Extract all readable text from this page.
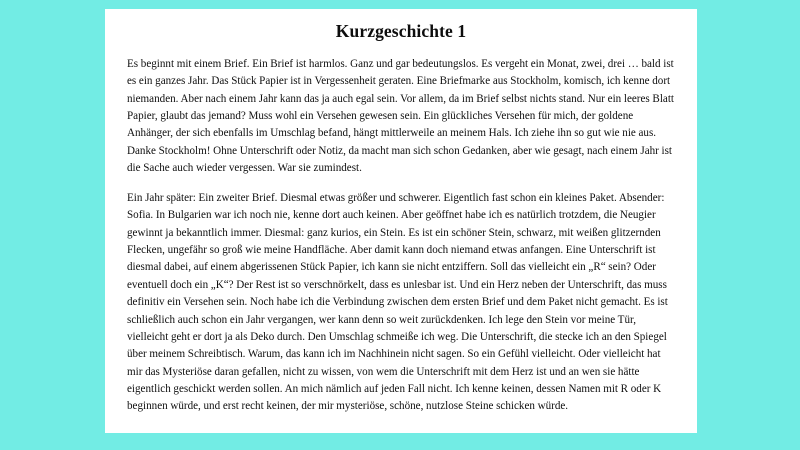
Kurzgeschichte 1

Es beginnt mit einem Brief. Ein Brief ist harmlos. Ganz und gar bedeutungslos. Es vergeht ein Monat, zwei, drei … bald ist es ein ganzes Jahr. Das Stück Papier ist in Vergessenheit geraten. Eine Briefmarke aus Stockholm, komisch, ich kenne dort niemanden. Aber nach einem Jahr kann das ja auch egal sein. Vor allem, da im Brief selbst nichts stand. Nur ein leeres Blatt Papier, glaubt das jemand? Muss wohl ein Versehen gewesen sein. Ein glückliches Versehen für mich, der goldene Anhänger, der sich ebenfalls im Umschlag befand, hängt mittlerweile an meinem Hals. Ich ziehe ihn so gut wie nie aus. Danke Stockholm! Ohne Unterschrift oder Notiz, da macht man sich schon Gedanken, aber wie gesagt, nach einem Jahr ist die Sache auch wieder vergessen. War sie zumindest.

Ein Jahr später: Ein zweiter Brief. Diesmal etwas größer und schwerer. Eigentlich fast schon ein kleines Paket. Absender: Sofia. In Bulgarien war ich noch nie, kenne dort auch keinen. Aber geöffnet habe ich es natürlich trotzdem, die Neugier gewinnt ja bekanntlich immer. Diesmal: ganz kurios, ein Stein. Es ist ein schöner Stein, schwarz, mit weißen glitzernden Flecken, ungefähr so groß wie meine Handfläche. Aber damit kann doch niemand etwas anfangen. Eine Unterschrift ist diesmal dabei, auf einem abgerissenen Stück Papier, ich kann sie nicht entziffern. Soll das vielleicht ein „R“ sein? Oder eventuell doch ein „K“? Der Rest ist so verschnörkelt, dass es unlesbar ist. Und ein Herz neben der Unterschrift, das muss definitiv ein Versehen sein. Noch habe ich die Verbindung zwischen dem ersten Brief und dem Paket nicht gemacht. Es ist schließlich auch schon ein Jahr vergangen, wer kann denn so weit zurückdenken. Ich lege den Stein vor meine Tür, vielleicht geht er dort ja als Deko durch. Den Umschlag schmeiße ich weg. Die Unterschrift, die stecke ich an den Spiegel über meinem Schreibtisch. Warum, das kann ich im Nachhinein nicht sagen. So ein Gefühl vielleicht. Oder vielleicht hat mir das Mysteriöse daran gefallen, nicht zu wissen, von wem die Unterschrift mit dem Herz ist und an wen sie hätte eigentlich geschickt werden sollen. An mich nämlich auf jeden Fall nicht. Ich kenne keinen, dessen Namen mit R oder K beginnen würde, und erst recht keinen, der mir mysteriöse, schöne, nutzlose Steine schicken würde.
